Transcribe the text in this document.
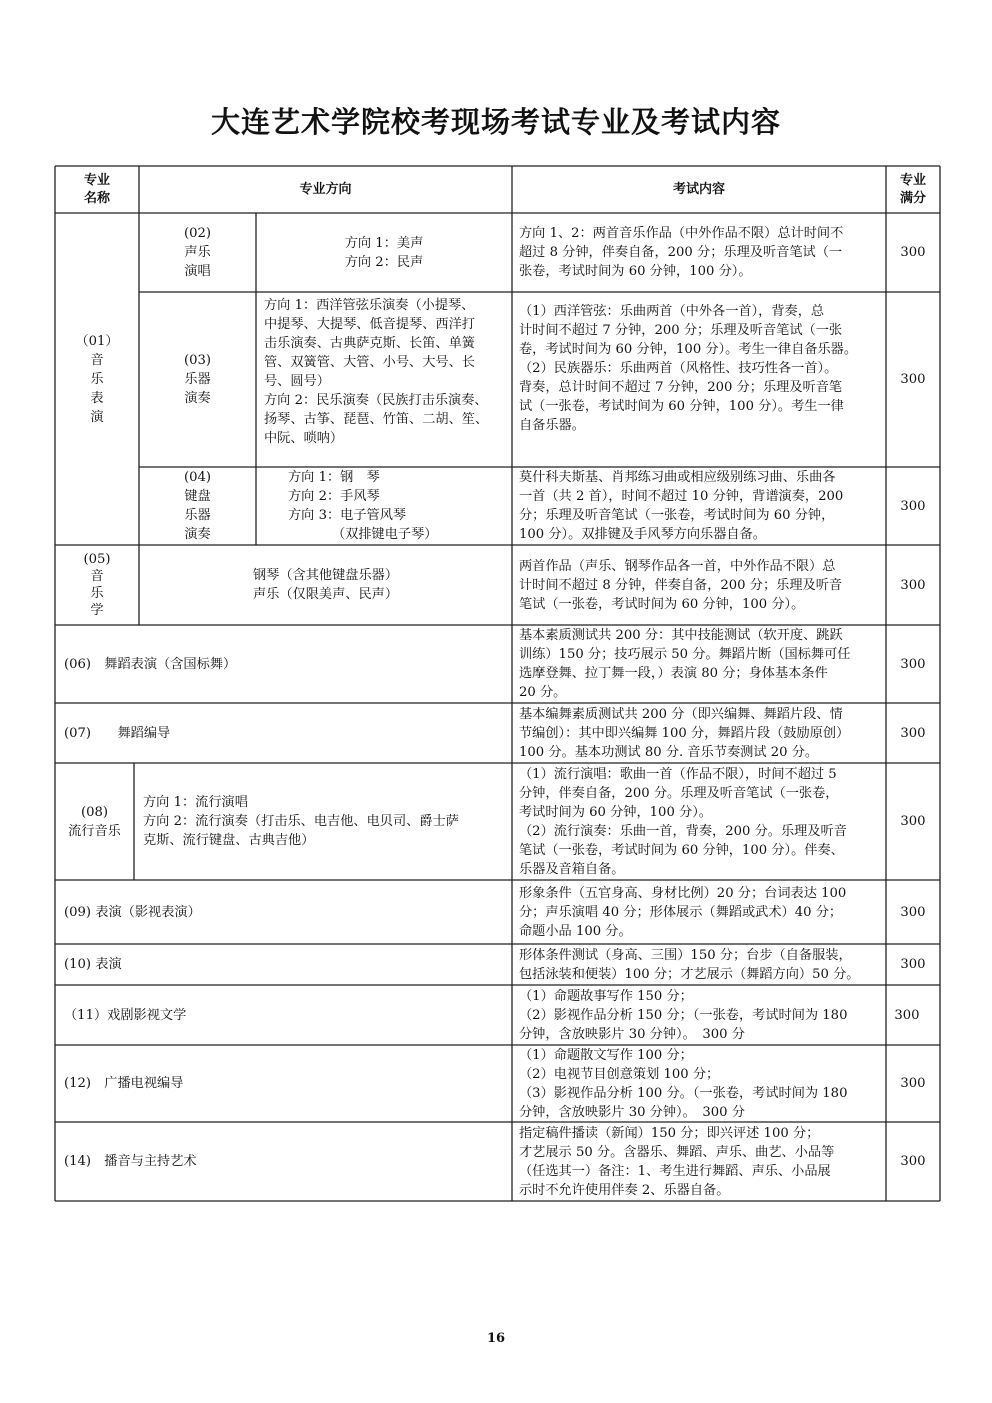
大连艺术学院校考现场考试专业及考试内容
专业
名称
专业方向	考试内容
专业
满分
（01）
音
乐
表
演
(02)
声乐
演唱
方向 1：美声
方向 2：民声
方向 1、2：两首音乐作品（中外作品不限）总计时间不
超过 8 分钟，伴奏自备，200 分；乐理及听音笔试（一
张卷，考试时间为 60 分钟，100 分）。
300
(03)
乐器
演奏
方向 1：西洋管弦乐演奏（小提琴、
中提琴、大提琴、低音提琴、西洋打
击乐演奏、古典萨克斯、长笛、单簧
管、双簧管、大管、小号、大号、长
号、圆号）
方向 2：民乐演奏（民族打击乐演奏、
扬琴、古筝、琵琶、竹笛、二胡、笙、
中阮、唢呐）
（1）西洋管弦：乐曲两首（中外各一首），背奏，总
计时间不超过 7 分钟，200 分；乐理及听音笔试（一张
卷，考试时间为 60 分钟，100 分）。考生一律自备乐器。
（2）民族器乐：乐曲两首（风格性、技巧性各一首）。
背奏，总计时间不超过 7 分钟，200 分；乐理及听音笔
试（一张卷，考试时间为 60 分钟，100 分）。考生一律
自备乐器。
300
(04)
键盘
乐器
演奏
方向 1：钢　琴
方向 2：手风琴
方向 3：电子管风琴
（双排键电子琴）
莫什科夫斯基、肖邦练习曲或相应级别练习曲、乐曲各
一首（共 2 首），时间不超过 10 分钟，背谱演奏，200
分；乐理及听音笔试（一张卷，考试时间为 60 分钟，
100 分）。双排键及手风琴方向乐器自备。
300
(05)
音
乐
学
钢琴（含其他键盘乐器）
声乐（仅限美声、民声）
两首作品（声乐、钢琴作品各一首，中外作品不限）总
计时间不超过 8 分钟，伴奏自备，200 分；乐理及听音
笔试（一张卷，考试时间为 60 分钟，100 分）。
300
(06)　舞蹈表演（含国标舞）
基本素质测试共 200 分：其中技能测试（软开度、跳跃
训练）150 分；技巧展示 50 分。舞蹈片断（国标舞可任
选摩登舞、拉丁舞一段，）表演 80 分；身体基本条件
20 分。
300
(07)　　舞蹈编导
基本编舞素质测试共 200 分（即兴编舞、舞蹈片段、情
节编创）：其中即兴编舞 100 分，舞蹈片段（鼓励原创）
100 分。基本功测试 80 分. 音乐节奏测试 20 分。
300
(08)
流行音乐
方向 1：流行演唱
方向 2：流行演奏（打击乐、电吉他、电贝司、爵士萨
克斯、流行键盘、古典吉他）
（1）流行演唱：歌曲一首（作品不限），时间不超过 5
分钟，伴奏自备，200 分。乐理及听音笔试（一张卷，
考试时间为 60 分钟，100 分）。
（2）流行演奏：乐曲一首，背奏，200 分。乐理及听音
笔试（一张卷，考试时间为 60 分钟，100 分）。伴奏、
乐器及音箱自备。
300
(09) 表演（影视表演）
形象条件（五官身高、身材比例）20 分；台词表达 100
分；声乐演唱 40 分；形体展示（舞蹈或武术）40 分；
命题小品 100 分。
300
(10) 表演
形体条件测试（身高、三围）150 分；台步（自备服装，
包括泳装和便装）100 分；才艺展示（舞蹈方向）50 分。
300
（11）戏剧影视文学
（1）命题故事写作 150 分；
（2）影视作品分析 150 分；（一张卷，考试时间为 180
分钟，含放映影片 30 分钟）。　300 分
300
(12)　广播电视编导
（1）命题散文写作 100 分；
（2）电视节目创意策划 100 分；
（3）影视作品分析 100 分。（一张卷，考试时间为 180
分钟，含放映影片 30 分钟）。　300 分
300
(14)　播音与主持艺术
指定稿件播读（新闻）150 分；即兴评述 100 分；
才艺展示 50 分。含器乐、舞蹈、声乐、曲艺、小品等
（任选其一）备注：1、考生进行舞蹈、声乐、小品展
示时不允许使用伴奏 2、乐器自备。
300
16
